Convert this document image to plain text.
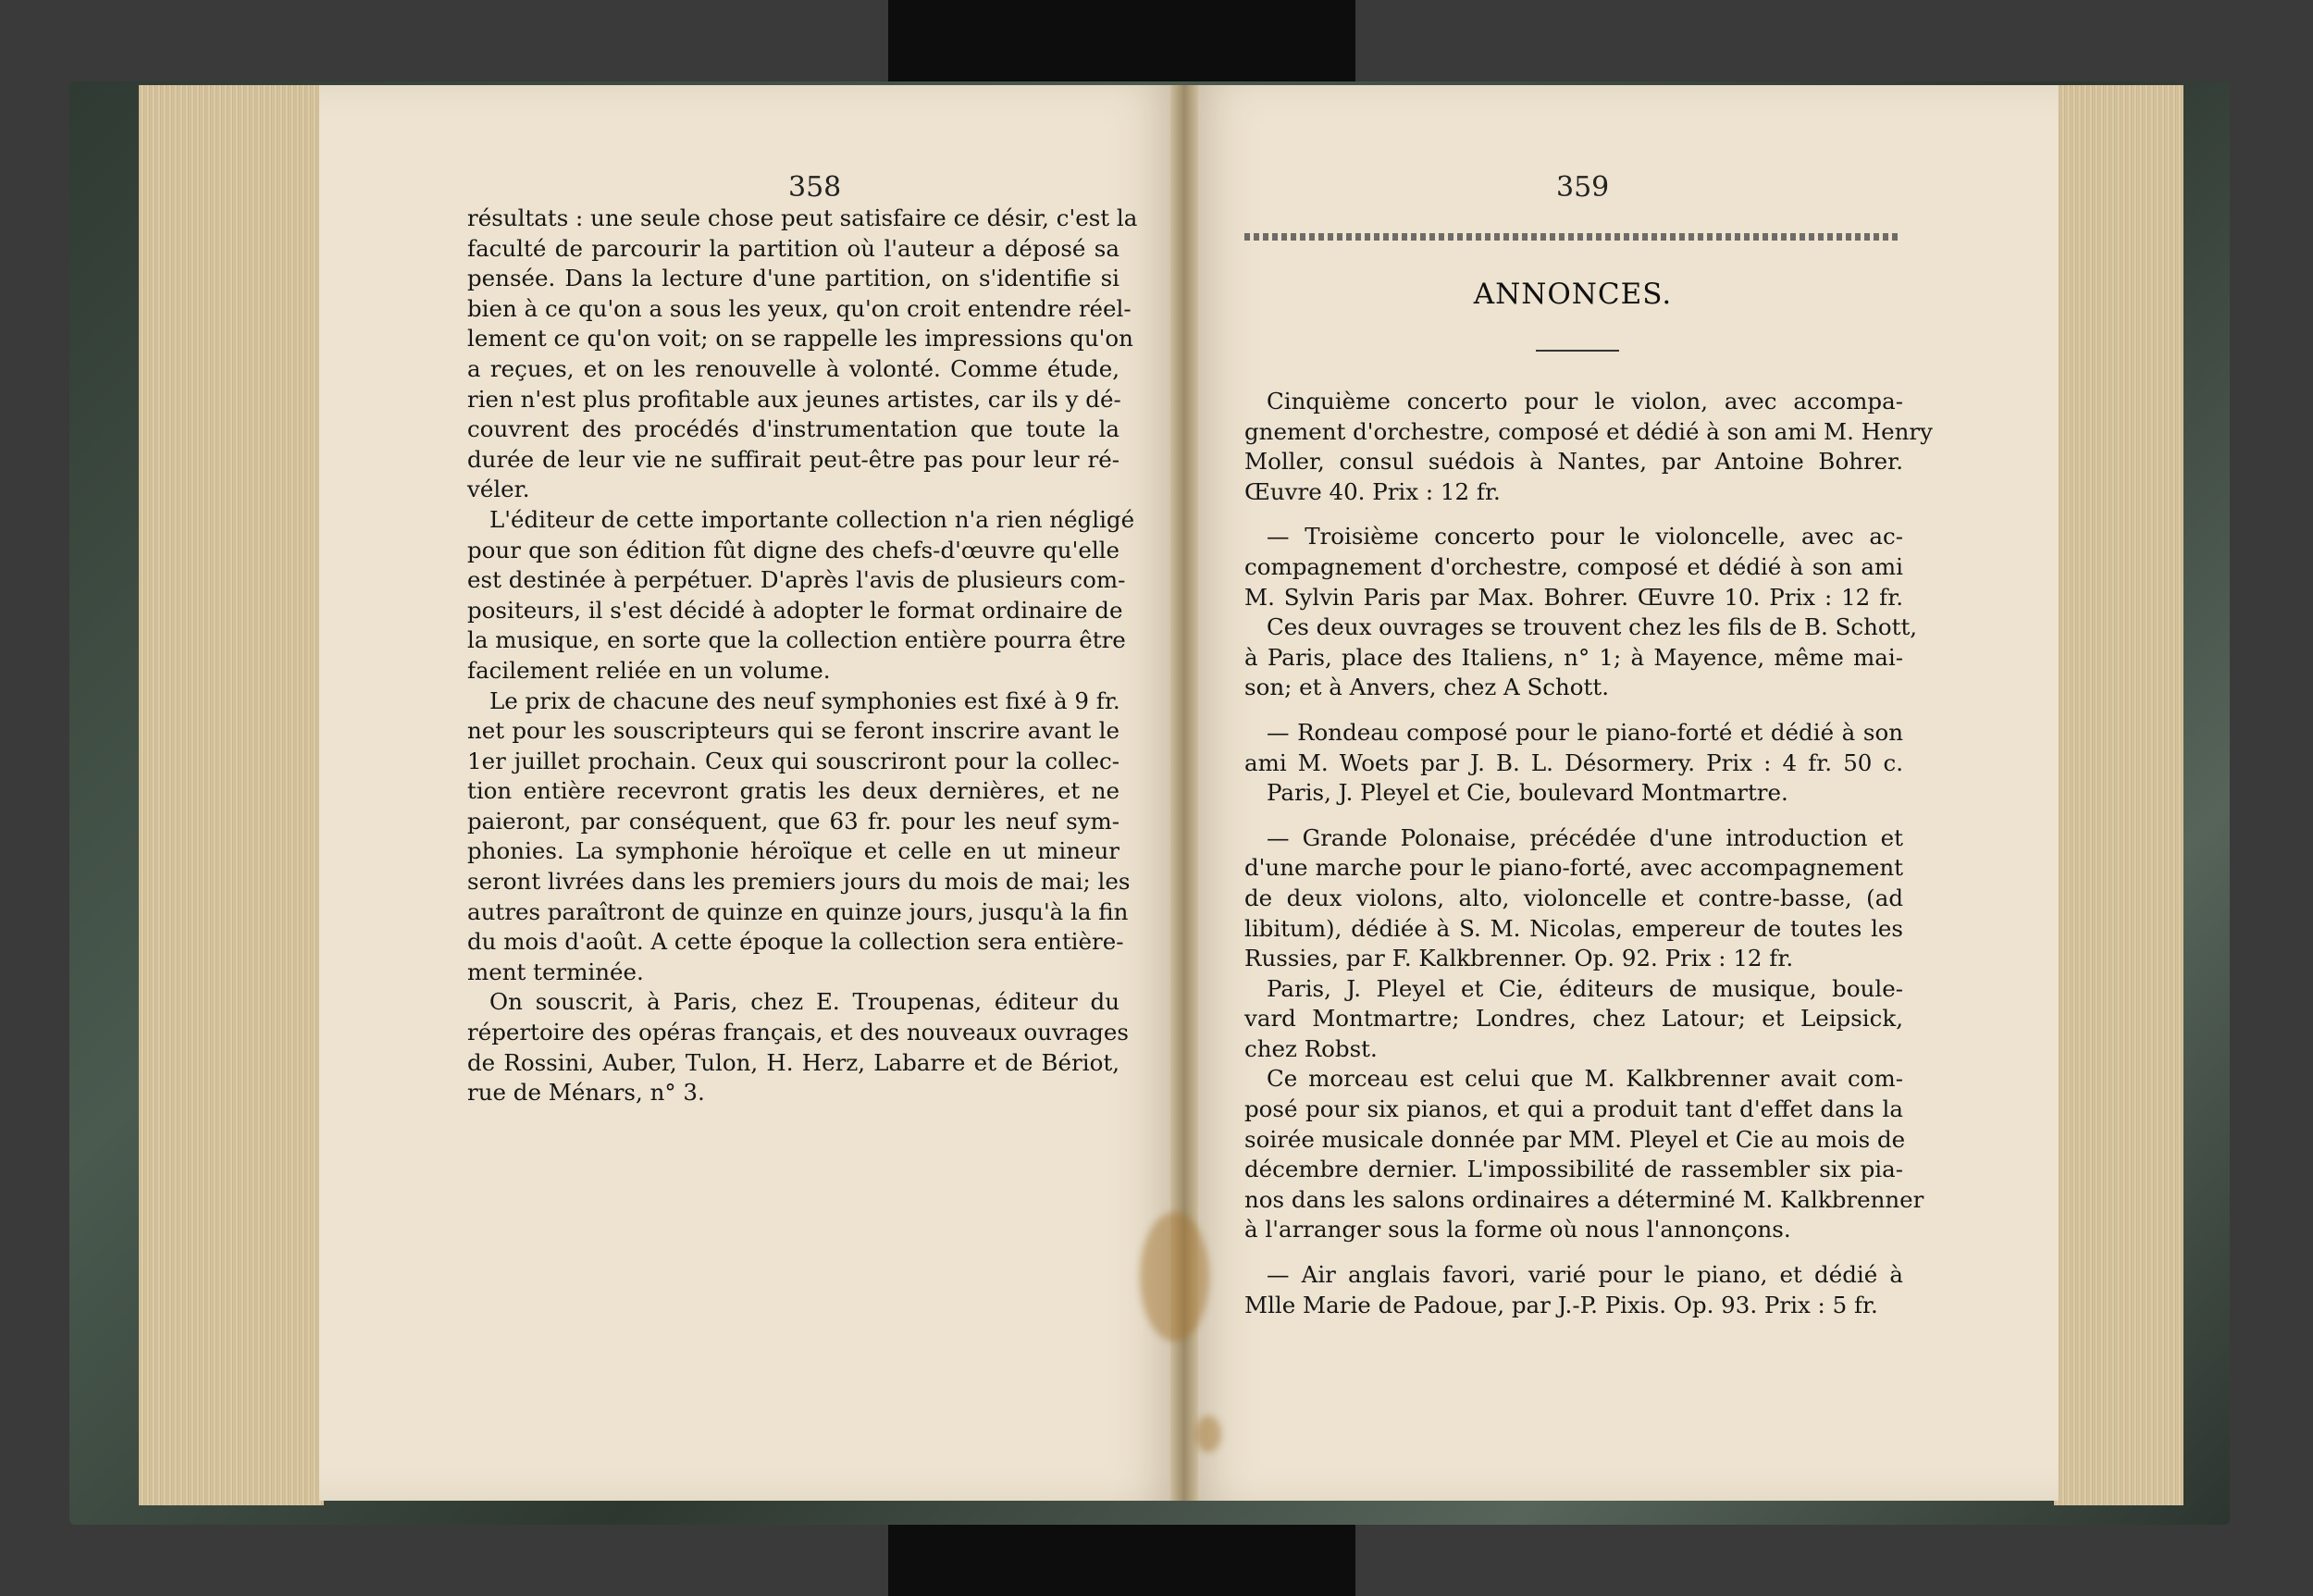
358
résultats : une seule chose peut satisfaire ce désir, c'est la
faculté de parcourir la partition où l'auteur a déposé sa
pensée. Dans la lecture d'une partition, on s'identifie si
bien à ce qu'on a sous les yeux, qu'on croit entendre réel-
lement ce qu'on voit; on se rappelle les impressions qu'on
a reçues, et on les renouvelle à volonté. Comme étude,
rien n'est plus profitable aux jeunes artistes, car ils y dé-
couvrent des procédés d'instrumentation que toute la
durée de leur vie ne suffirait peut-être pas pour leur ré-
véler.
L'éditeur de cette importante collection n'a rien négligé
pour que son édition fût digne des chefs-d'œuvre qu'elle
est destinée à perpétuer. D'après l'avis de plusieurs com-
positeurs, il s'est décidé à adopter le format ordinaire de
la musique, en sorte que la collection entière pourra être
facilement reliée en un volume.
Le prix de chacune des neuf symphonies est fixé à 9 fr.
net pour les souscripteurs qui se feront inscrire avant le
1er juillet prochain. Ceux qui souscriront pour la collec-
tion entière recevront gratis les deux dernières, et ne
paieront, par conséquent, que 63 fr. pour les neuf sym-
phonies. La symphonie héroïque et celle en ut mineur
seront livrées dans les premiers jours du mois de mai; les
autres paraîtront de quinze en quinze jours, jusqu'à la fin
du mois d'août. A cette époque la collection sera entière-
ment terminée.
On souscrit, à Paris, chez E. Troupenas, éditeur du
répertoire des opéras français, et des nouveaux ouvrages
de Rossini, Auber, Tulon, H. Herz, Labarre et de Bériot,
rue de Ménars, n° 3.
359
ANNONCES.
Cinquième concerto pour le violon, avec accompa-
gnement d'orchestre, composé et dédié à son ami M. Henry
Moller, consul suédois à Nantes, par Antoine Bohrer.
Œuvre 40. Prix : 12 fr.
— Troisième concerto pour le violoncelle, avec ac-
compagnement d'orchestre, composé et dédié à son ami
M. Sylvin Paris par Max. Bohrer. Œuvre 10. Prix : 12 fr.
Ces deux ouvrages se trouvent chez les fils de B. Schott,
à Paris, place des Italiens, n° 1; à Mayence, même mai-
son; et à Anvers, chez A Schott.
— Rondeau composé pour le piano-forté et dédié à son
ami M. Woets par J. B. L. Désormery. Prix : 4 fr. 50 c.
Paris, J. Pleyel et Cie, boulevard Montmartre.
— Grande Polonaise, précédée d'une introduction et
d'une marche pour le piano-forté, avec accompagnement
de deux violons, alto, violoncelle et contre-basse, (ad
libitum), dédiée à S. M. Nicolas, empereur de toutes les
Russies, par F. Kalkbrenner. Op. 92. Prix : 12 fr.
Paris, J. Pleyel et Cie, éditeurs de musique, boule-
vard Montmartre; Londres, chez Latour; et Leipsick,
chez Robst.
Ce morceau est celui que M. Kalkbrenner avait com-
posé pour six pianos, et qui a produit tant d'effet dans la
soirée musicale donnée par MM. Pleyel et Cie au mois de
décembre dernier. L'impossibilité de rassembler six pia-
nos dans les salons ordinaires a déterminé M. Kalkbrenner
à l'arranger sous la forme où nous l'annonçons.
— Air anglais favori, varié pour le piano, et dédié à
Mlle Marie de Padoue, par J.-P. Pixis. Op. 93. Prix : 5 fr.
